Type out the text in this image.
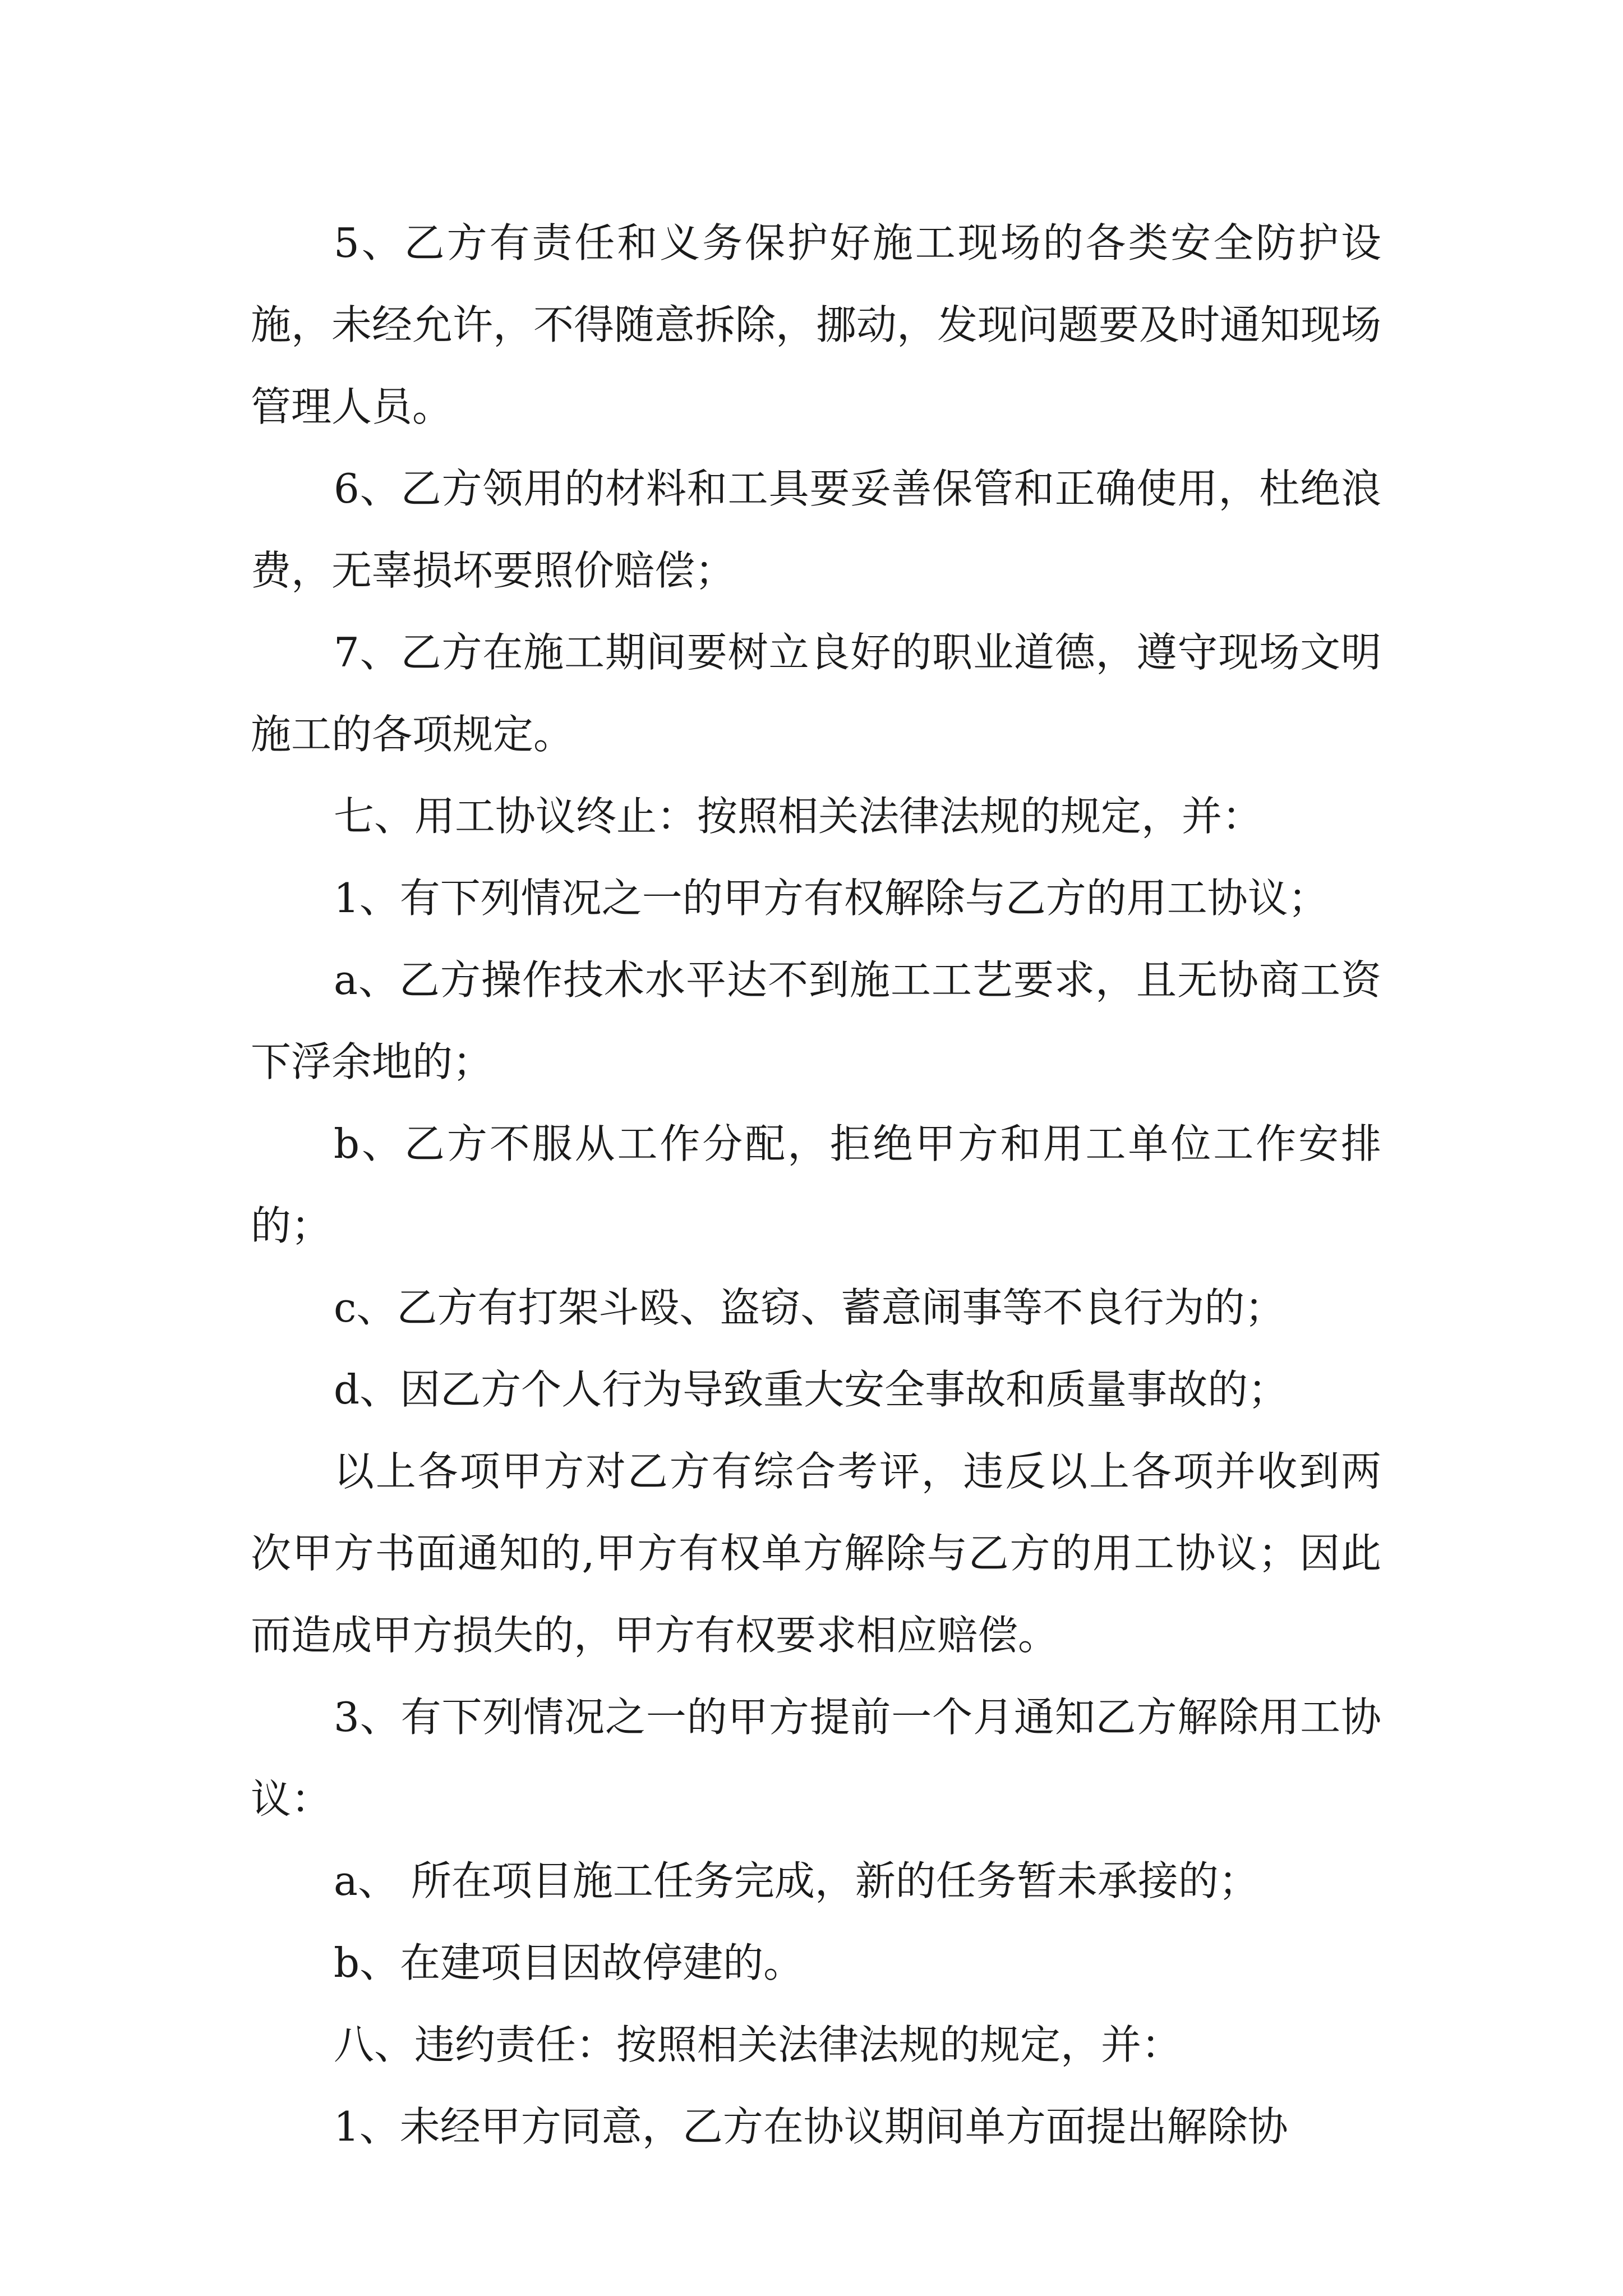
5、乙方有责任和义务保护好施工现场的各类安全防护设施，未经允许，不得随意拆除，挪动，发现问题要及时通知现场管理人员。

6、乙方领用的材料和工具要妥善保管和正确使用，杜绝浪费，无辜损坏要照价赔偿；

7、乙方在施工期间要树立良好的职业道德，遵守现场文明施工的各项规定。

七、用工协议终止：按照相关法律法规的规定，并：

1、有下列情况之一的甲方有权解除与乙方的用工协议；

a、乙方操作技术水平达不到施工工艺要求，且无协商工资下浮余地的；

b、乙方不服从工作分配，拒绝甲方和用工单位工作安排的；

c、乙方有打架斗殴、盗窃、蓄意闹事等不良行为的；

d、因乙方个人行为导致重大安全事故和质量事故的；

以上各项甲方对乙方有综合考评，违反以上各项并收到两次甲方书面通知的,甲方有权单方解除与乙方的用工协议；因此而造成甲方损失的，甲方有权要求相应赔偿。

3、有下列情况之一的甲方提前一个月通知乙方解除用工协议：

a、 所在项目施工任务完成，新的任务暂未承接的；

b、在建项目因故停建的。

八、违约责任：按照相关法律法规的规定，并：

1、未经甲方同意，乙方在协议期间单方面提出解除协
